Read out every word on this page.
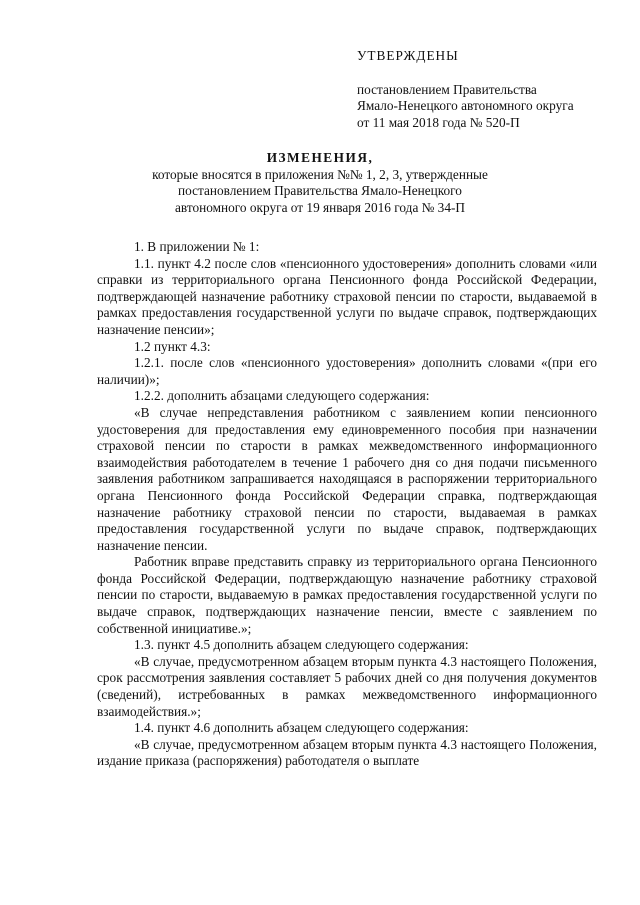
УТВЕРЖДЕНЫ
постановлением Правительства
Ямало-Ненецкого автономного округа
от 11 мая 2018 года № 520-П
ИЗМЕНЕНИЯ,
которые вносятся в приложения №№ 1, 2, 3, утвержденные
постановлением Правительства Ямало-Ненецкого
автономного округа от 19 января 2016 года № 34-П

1. В приложении № 1:

1.1. пункт 4.2 после слов «пенсионного удостоверения» дополнить словами «или справки из территориального органа Пенсионного фонда Российской Федерации, подтверждающей назначение работнику страховой пенсии по старости, выдаваемой в рамках предоставления государственной услуги по выдаче справок, подтверждающих назначение пенсии»;

1.2 пункт 4.3:

1.2.1. после слов «пенсионного удостоверения» дополнить словами «(при его наличии)»;

1.2.2. дополнить абзацами следующего содержания:

«В случае непредставления работником с заявлением копии пенсионного удостоверения для предоставления ему единовременного пособия при назначении страховой пенсии по старости в рамках межведомственного информационного взаимодействия работодателем в течение 1 рабочего дня со дня подачи письменного заявления работником запрашивается находящаяся в распоряжении территориального органа Пенсионного фонда Российской Федерации справка, подтверждающая назначение работнику страховой пенсии по старости, выдаваемая в рамках предоставления государственной услуги по выдаче справок, подтверждающих назначение пенсии.

Работник вправе представить справку из территориального органа Пенсионного фонда Российской Федерации, подтверждающую назначение работнику страховой пенсии по старости, выдаваемую в рамках предоставления государственной услуги по выдаче справок, подтверждающих назначение пенсии, вместе с заявлением по собственной инициативе.»;

1.3. пункт 4.5 дополнить абзацем следующего содержания:

«В случае, предусмотренном абзацем вторым пункта 4.3 настоящего Положения, срок рассмотрения заявления составляет 5 рабочих дней со дня получения документов (сведений), истребованных в рамках межведомственного информационного взаимодействия.»;

1.4. пункт 4.6 дополнить абзацем следующего содержания:

«В случае, предусмотренном абзацем вторым пункта 4.3 настоящего Положения, издание приказа (распоряжения) работодателя о выплате
